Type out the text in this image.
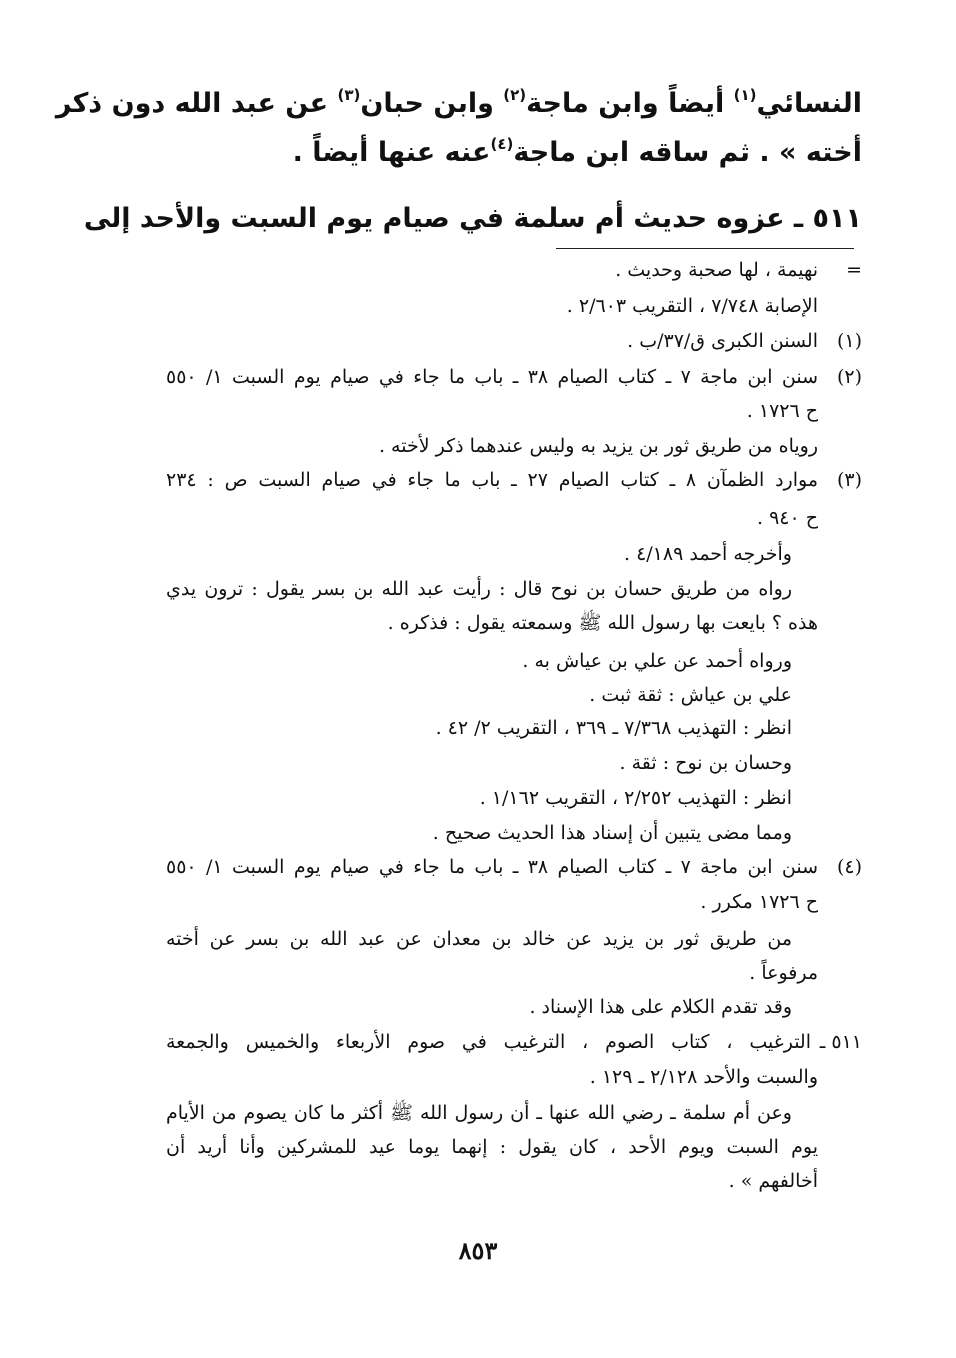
النسائي$^{(١)}$ أيضاً وابن ماجة$^{(٢)}$ وابن حبان$^{(٣)}$ عن عبد الله دون ذكر
أخته » . ثم ساقه ابن ماجة$^{(٤)}$عنه عنها أيضاً .
٥١١ ـ عزوه حديث أم سلمة في صيام يوم السبت والأحد إلى
=
نهيمة ، لها صحبة وحديث .
الإصابة ٧/٧٤٨ ، التقريب ٢/٦٠٣ .
(١)
السنن الكبرى ق/٣٧/ب .
(٢)
سنن ابن ماجة ٧ ـ كتاب الصيام ٣٨ ـ باب ما جاء في صيام يوم السبت ١/ ٥٥٠
ح ١٧٢٦ .
روياه من طريق ثور بن يزيد به وليس عندهما ذكر لأخته .
(٣)
موارد الظمآن ٨ ـ كتاب الصيام ٢٧ ـ باب ما جاء في صيام السبت ص : ٢٣٤
ح ٩٤٠ .
وأخرجه أحمد ٤/١٨٩ .
رواه من طريق حسان بن نوح قال : رأيت عبد الله بن بسر يقول : ترون يدي
هذه ؟ بايعت بها رسول الله ﷺ وسمعته يقول : فذكره .
ورواه أحمد عن علي بن عياش به .
علي بن عياش : ثقة ثبت .
انظر : التهذيب ٧/٣٦٨ ـ ٣٦٩ ، التقريب ٢/ ٤٢ .
وحسان بن نوح : ثقة .
انظر : التهذيب ٢/٢٥٢ ، التقريب ١/١٦٢ .
ومما مضى يتبين أن إسناد هذا الحديث صحيح .
(٤)
سنن ابن ماجة ٧ ـ كتاب الصيام ٣٨ ـ باب ما جاء في صيام يوم السبت ١/ ٥٥٠
ح ١٧٢٦ مكرر .
من طريق ثور بن يزيد عن خالد بن معدان عن عبد الله بن بسر عن أخته
مرفوعاً .
وقد تقدم الكلام على هذا الإسناد .
٥١١ ـ
الترغيب ، كتاب الصوم ، الترغيب في صوم الأربعاء والخميس والجمعة
والسبت والأحد ٢/١٢٨ ـ ١٢٩ .
وعن أم سلمة ـ رضي الله عنها ـ أن رسول الله ﷺ أكثر ما كان يصوم من الأيام
يوم السبت ويوم الأحد ، كان يقول : إنهما يوما عيد للمشركين وأنا أريد أن
أخالفهم » .
٨٥٣
